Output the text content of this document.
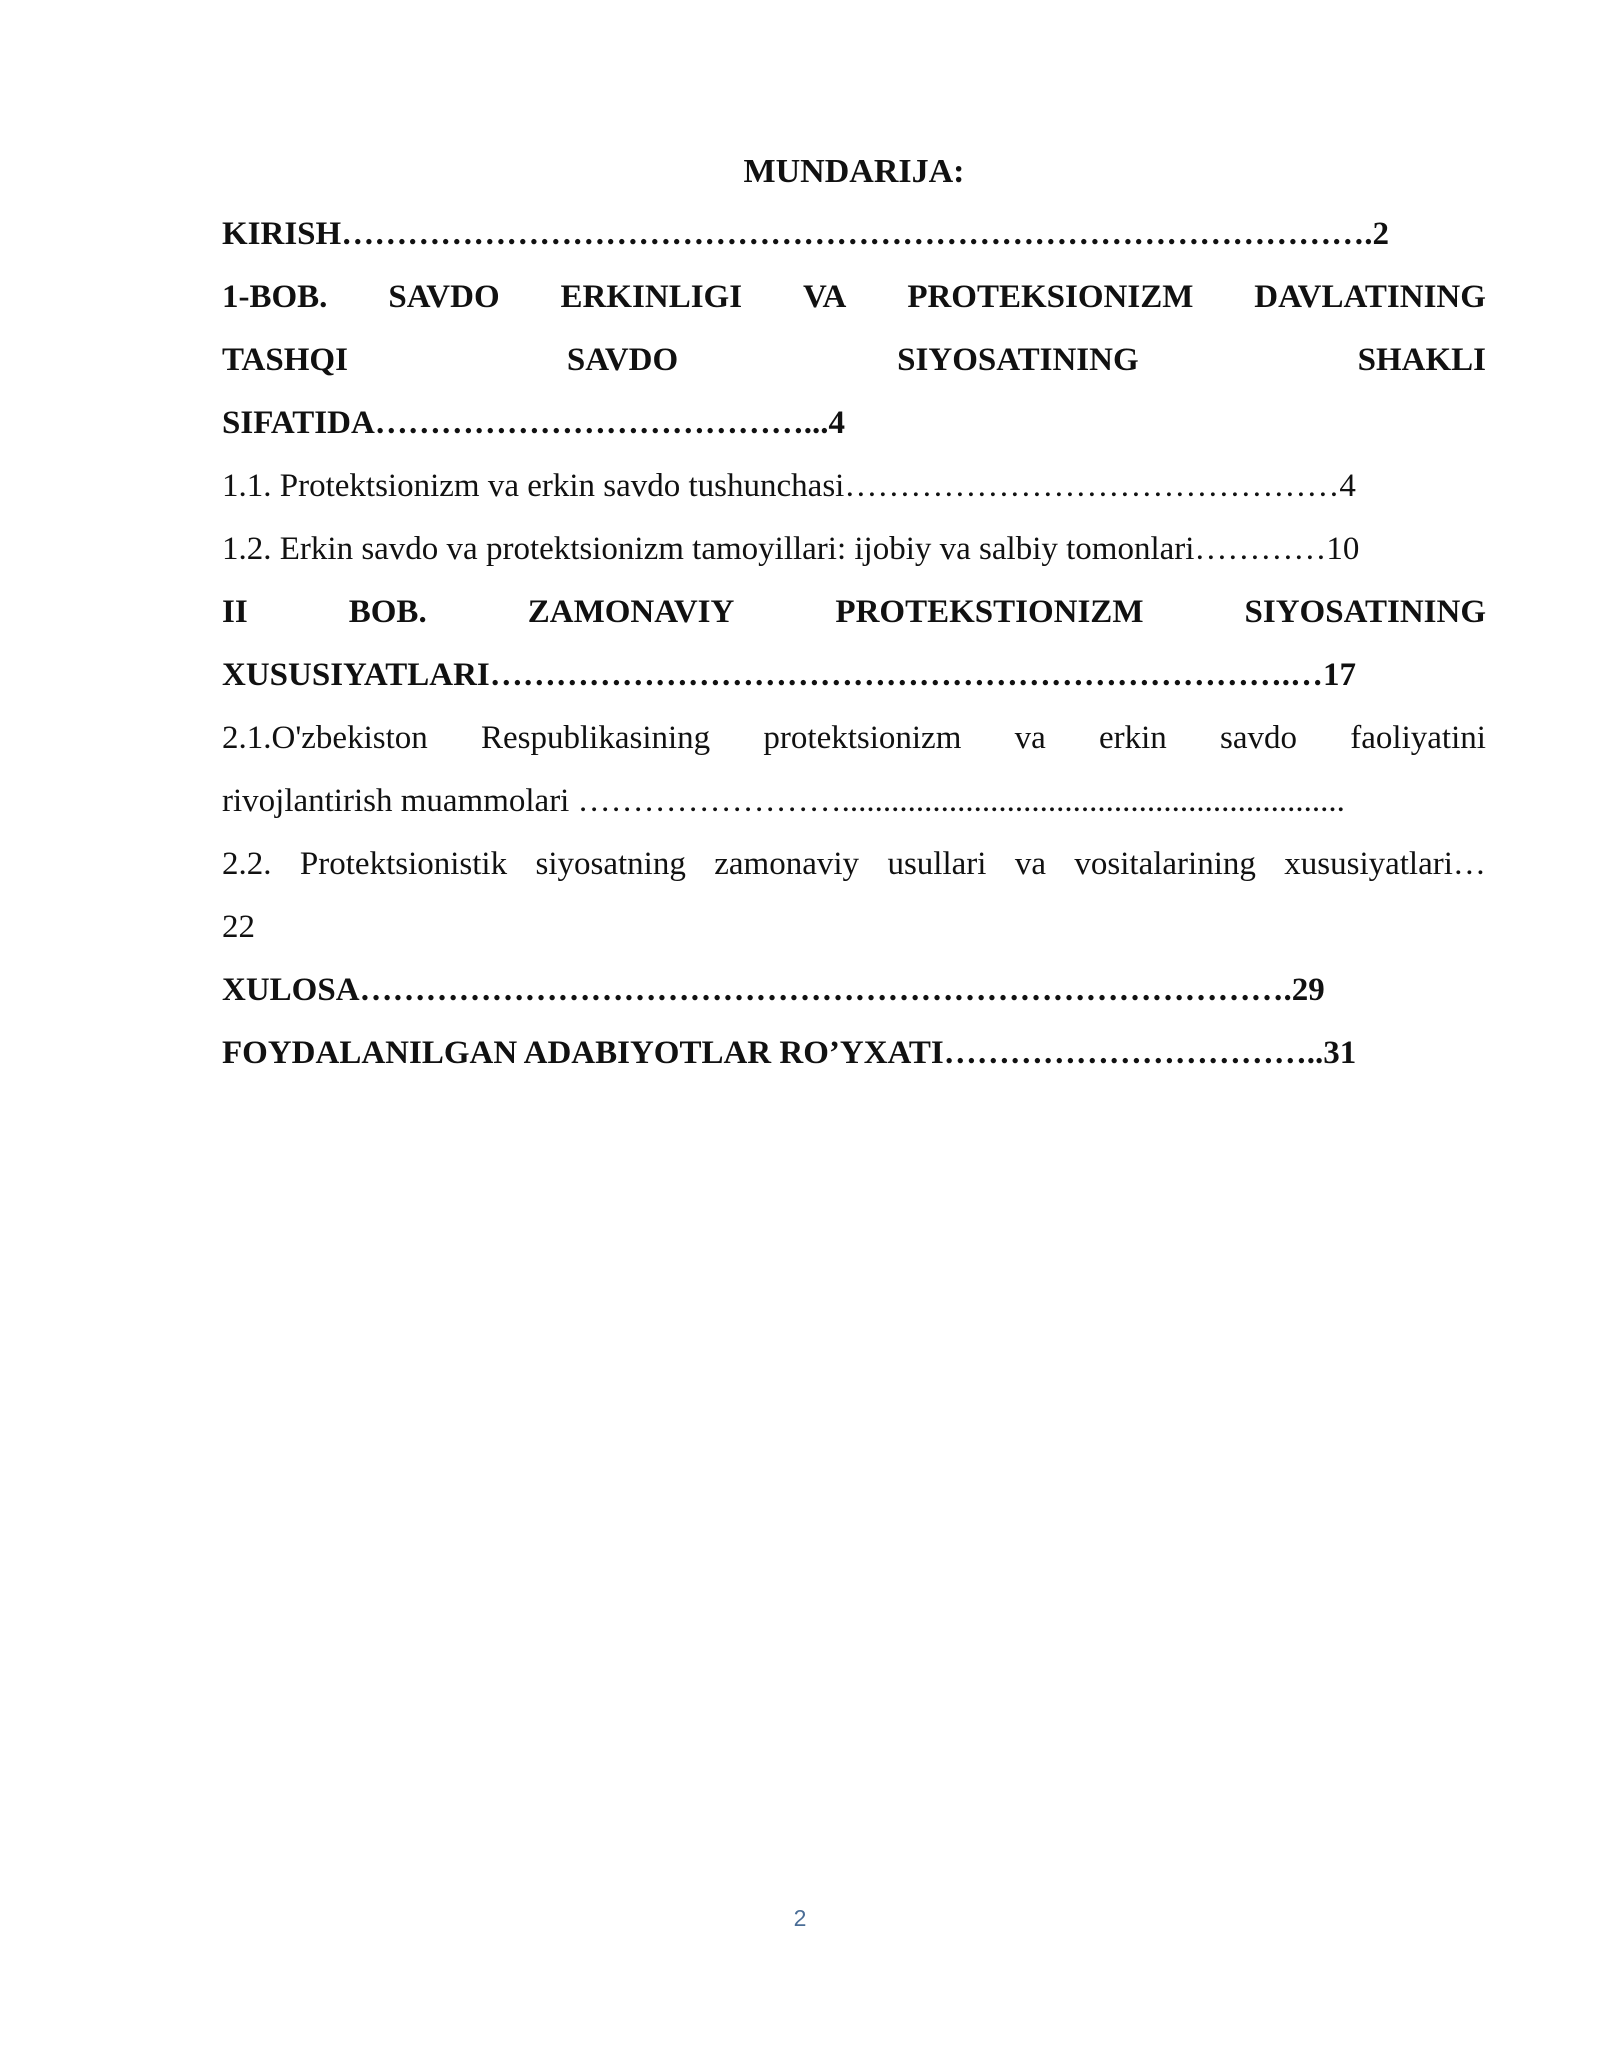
MUNDARIJA:
KIRISH………………………………………………………………………………….2
1-BOB. SAVDO ERKINLIGI VA PROTEKSIONIZM DAVLATINING
TASHQI	SAVDO	SIYOSATINING	SHAKLI
SIFATIDA…………………………………...4
1.1. Protektsionizm va erkin savdo tushunchasi………………………………………4
1.2. Erkin savdo va protektsionizm tamoyillari: ijobiy va salbiy tomonlari…………10
II	BOB.	ZAMONAVIY	PROTEKSTIONIZM	SIYOSATINING
XUSUSIYATLARI……………………………………………………………….…17
2.1.O'zbekiston Respublikasining protektsionizm va erkin savdo faoliyatini
rivojlantirish muammolari …………………….............................................................
2.2. Protektsionistik siyosatning zamonaviy usullari va vositalarining xususiyatlari…
22
XULOSA………………………………………………………………………….29
FOYDALANILGAN ADABIYOTLAR RO’YXATI……………………………..31
2
